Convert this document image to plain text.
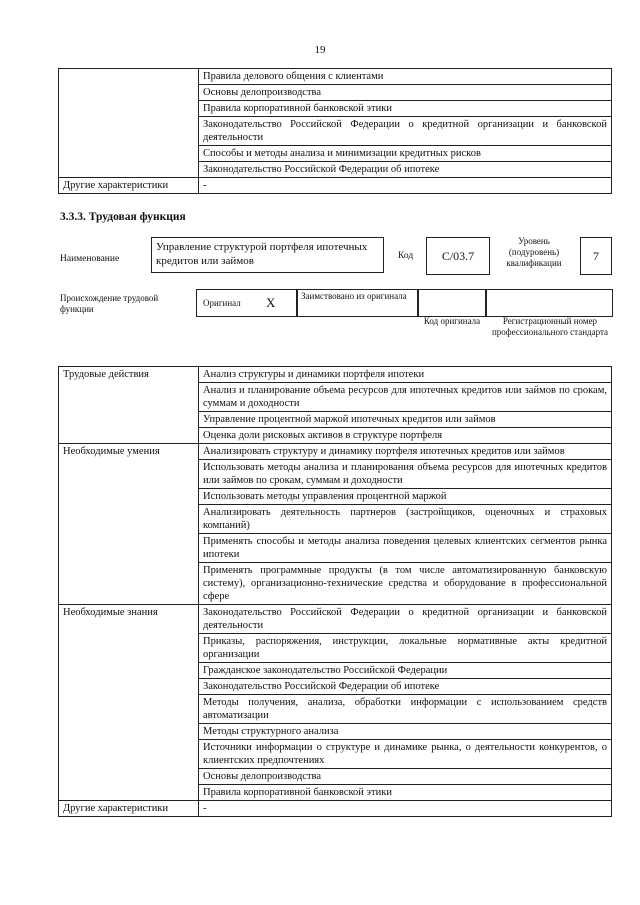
19
	Правила делового общения с клиентами
	Основы делопроизводства
	Правила корпоративной банковской этики
	Законодательство Российской Федерации о кредитной организации и банковской деятельности
	Способы и методы анализа и минимизации кредитных рисков
	Законодательство Российской Федерации об ипотеке
Другие характеристики	-
3.3.3. Трудовая функция
Наименование
Управление структурой портфеля ипотечных кредитов или займов	Код	С/03.7
Уровень (подуровень) квалификации	7
Происхождение трудовой функции
Оригинал Х	Заимствовано из оригинала
Код оригинала	Регистрационный номер профессионального стандарта
Трудовые действия	Анализ структуры и динамики портфеля ипотеки
	Анализ и планирование объема ресурсов для ипотечных кредитов или займов по срокам, суммам и доходности
	Управление процентной маржой ипотечных кредитов или займов
	Оценка доли рисковых активов в структуре портфеля
Необходимые умения	Анализировать структуру и динамику портфеля ипотечных кредитов или займов
	Использовать методы анализа и планирования объема ресурсов для ипотечных кредитов или займов по срокам, суммам и доходности
	Использовать методы управления процентной маржой
	Анализировать деятельность партнеров (застройщиков, оценочных и страховых компаний)
	Применять способы и методы анализа поведения целевых клиентских сегментов рынка ипотеки
	Применять программные продукты (в том числе автоматизированную банковскую систему), организационно-технические средства и оборудование в профессиональной сфере
Необходимые знания	Законодательство Российской Федерации о кредитной организации и банковской деятельности
	Приказы, распоряжения, инструкции, локальные нормативные акты кредитной организации
	Гражданское законодательство Российской Федерации
	Законодательство Российской Федерации об ипотеке
	Методы получения, анализа, обработки информации с использованием средств автоматизации
	Методы структурного анализа
	Источники информации о структуре и динамике рынка, о деятельности конкурентов, о клиентских предпочтениях
	Основы делопроизводства
	Правила корпоративной банковской этики
Другие характеристики	-
